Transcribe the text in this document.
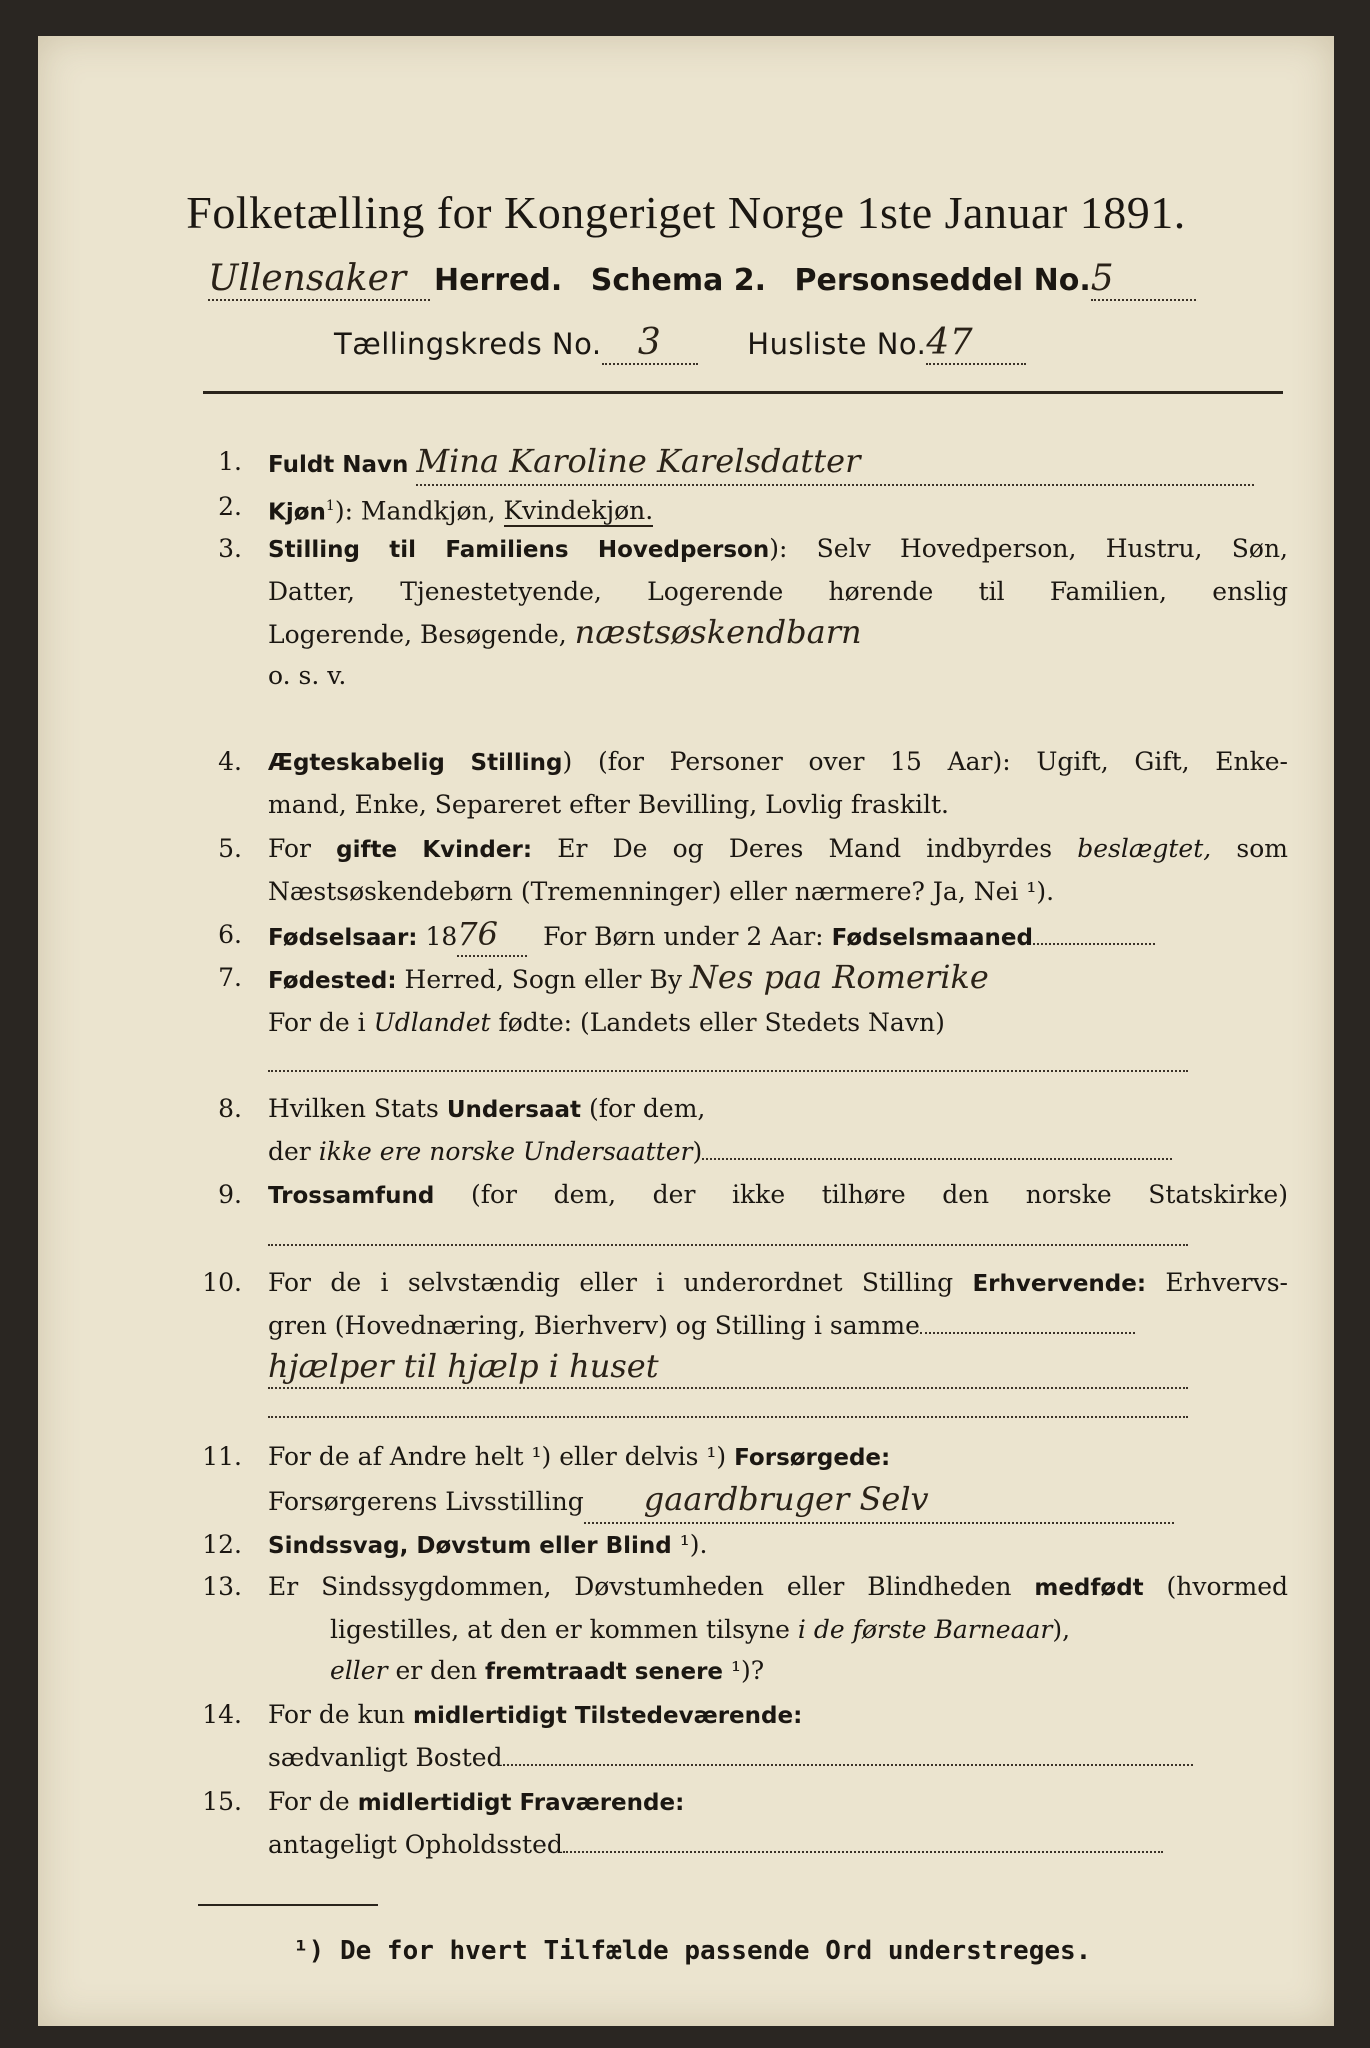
Folketælling for Kongeriget Norge 1ste Januar 1891.
Ullensaker Herred. Schema 2. Personseddel No.5
Tællingskreds No. 3	Husliste No.47
1. Fuldt Navn Mina Karoline Karelsdatter
2. Kjøn$^1$): Mandkjøn, Kvindekjøn.
3. Stilling til Familiens Hovedperson): Selv Hovedperson, Hustru, Søn,
Datter, Tjenestetyende, Logerende hørende til Familien, enslig
Logerende, Besøgende, næstsøskendbarn
o. s. v.
4. Ægteskabelig Stilling) (for Personer over 15 Aar): Ugift, Gift, Enke-
mand, Enke, Separeret efter Bevilling, Lovlig fraskilt.
5. For gifte Kvinder: Er De og Deres Mand indbyrdes beslægtet, som
Næstsøskendebørn (Tremenninger) eller nærmere? Ja, Nei ¹).
6. Fødselsaar: 1876 For Børn under 2 Aar: Fødselsmaaned
7. Fødested: Herred, Sogn eller By Nes paa Romerike
For de i Udlandet fødte: (Landets eller Stedets Navn)
8. Hvilken Stats Undersaat (for dem,
der ikke ere norske Undersaatter)
9. Trossamfund (for dem, der ikke tilhøre den norske Statskirke)
10. For de i selvstændig eller i underordnet Stilling Erhvervende: Erhvervs-
gren (Hovednæring, Bierhverv) og Stilling i samme
hjælper til hjælp i huset
11. For de af Andre helt ¹) eller delvis ¹) Forsørgede:
Forsørgerens Livsstilling gaardbruger Selv
12. Sindssvag, Døvstum eller Blind ¹).
13. Er Sindssygdommen, Døvstumheden eller Blindheden medfødt (hvormed
ligestilles, at den er kommen tilsyne i de første Barneaar),
eller er den fremtraadt senere ¹)?
14. For de kun midlertidigt Tilstedeværende:
sædvanligt Bosted
15. For de midlertidigt Fraværende:
antageligt Opholdssted
¹) De for hvert Tilfælde passende Ord understreges.
